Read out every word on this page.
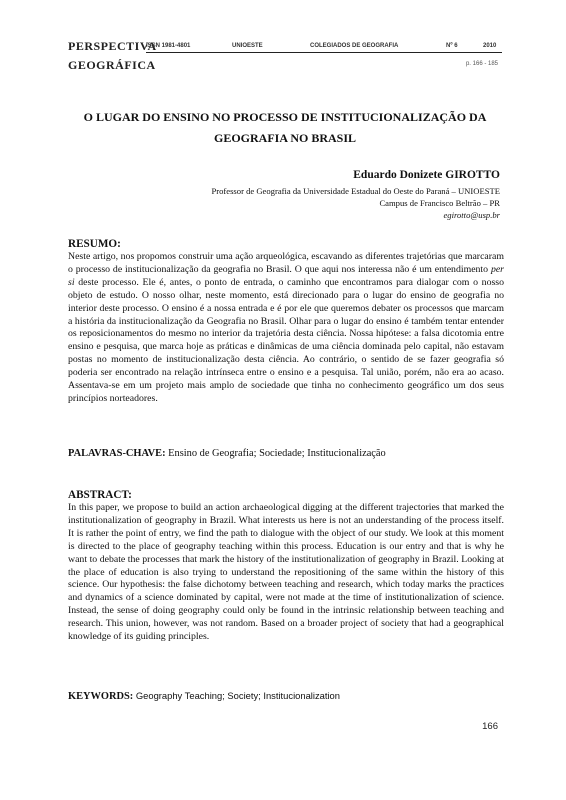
PERSPECTIVA
GEOGRÁFICA
ISSN 1981-4801	UNIOESTE	COLEGIADOS DE GEOGRAFIA	Nº 6	2010
p. 166 - 185
O LUGAR DO ENSINO NO PROCESSO DE INSTITUCIONALIZAÇÃO DA
GEOGRAFIA NO BRASIL
Eduardo Donizete GIROTTO
Professor de Geografia da Universidade Estadual do Oeste do Paraná – UNIOESTE
Campus de Francisco Beltrão – PR
egirotto@usp.br
RESUMO:
Neste artigo, nos propomos construir uma ação arqueológica, escavando as diferentes trajetórias que marcaram o processo de institucionalização da geografia no Brasil. O que aqui nos interessa não é um entendimento per si deste processo. Ele é, antes, o ponto de entrada, o caminho que encontramos para dialogar com o nosso objeto de estudo. O nosso olhar, neste momento, está direcionado para o lugar do ensino de geografia no interior deste processo. O ensino é a nossa entrada e é por ele que queremos debater os processos que marcam a história da institucionalização da Geografia no Brasil. Olhar para o lugar do ensino é também tentar entender os reposicionamentos do mesmo no interior da trajetória desta ciência. Nossa hipótese: a falsa dicotomia entre ensino e pesquisa, que marca hoje as práticas e dinâmicas de uma ciência dominada pelo capital, não estavam postas no momento de institucionalização desta ciência. Ao contrário, o sentido de se fazer geografia só poderia ser encontrado na relação intrínseca entre o ensino e a pesquisa. Tal união, porém, não era ao acaso. Assentava-se em um projeto mais amplo de sociedade que tinha no conhecimento geográfico um dos seus princípios norteadores.
PALAVRAS-CHAVE: Ensino de Geografia; Sociedade; Institucionalização
ABSTRACT:
In this paper, we propose to build an action archaeological digging at the different trajectories that marked the institutionalization of geography in Brazil. What interests us here is not an understanding of the process itself. It is rather the point of entry, we find the path to dialogue with the object of our study. We look at this moment is directed to the place of geography teaching within this process. Education is our entry and that is why he want to debate the processes that mark the history of the institutionalization of geography in Brazil. Looking at the place of education is also trying to understand the repositioning of the same within the history of this science. Our hypothesis: the false dichotomy between teaching and research, which today marks the practices and dynamics of a science dominated by capital, were not made at the time of institutionalization of science. Instead, the sense of doing geography could only be found in the intrinsic relationship between teaching and research. This union, however, was not random. Based on a broader project of society that had a geographical knowledge of its guiding principles.
KEYWORDS: Geography Teaching; Society; Institucionalization
166
